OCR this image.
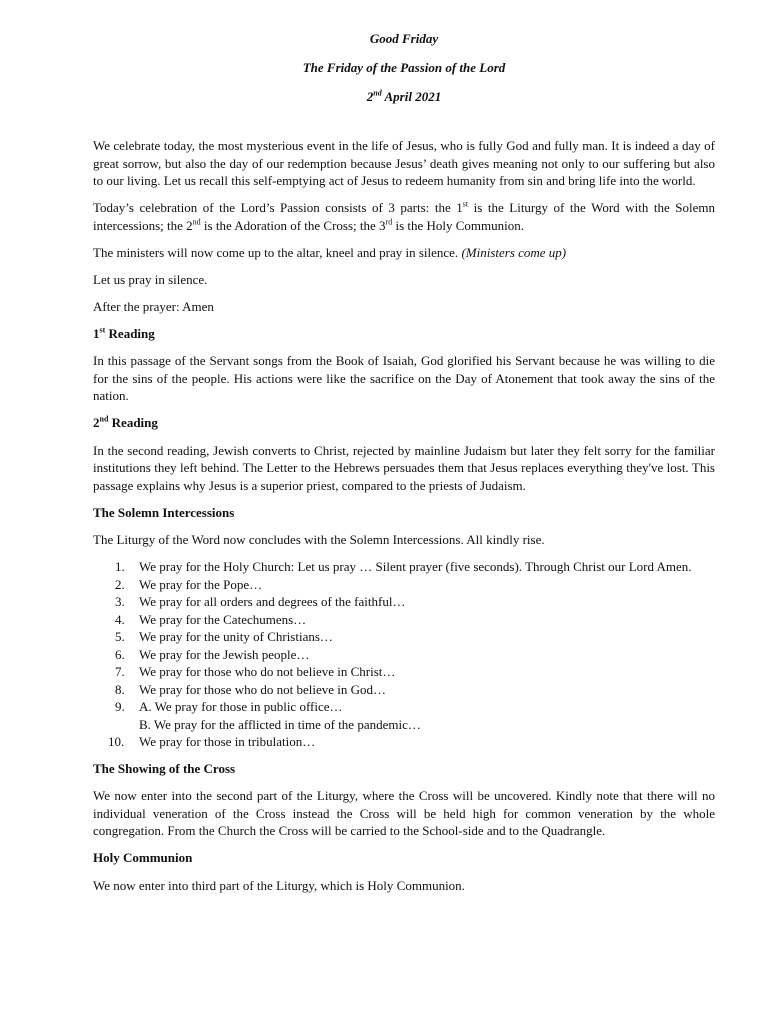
Good Friday

The Friday of the Passion of the Lord

2nd April 2021

We celebrate today, the most mysterious event in the life of Jesus, who is fully God and fully man. It is indeed a day of great sorrow, but also the day of our redemption because Jesus’ death gives meaning not only to our suffering but also to our living. Let us recall this self-emptying act of Jesus to redeem humanity from sin and bring life into the world.

Today’s celebration of the Lord’s Passion consists of 3 parts: the 1st is the Liturgy of the Word with the Solemn intercessions; the 2nd is the Adoration of the Cross; the 3rd is the Holy Communion.

The ministers will now come up to the altar, kneel and pray in silence. (Ministers come up)

Let us pray in silence.

After the prayer: Amen

1st Reading

In this passage of the Servant songs from the Book of Isaiah, God glorified his Servant because he was willing to die for the sins of the people. His actions were like the sacrifice on the Day of Atonement that took away the sins of the nation.

2nd Reading

In the second reading, Jewish converts to Christ, rejected by mainline Judaism but later they felt sorry for the familiar institutions they left behind. The Letter to the Hebrews persuades them that Jesus replaces everything they've lost. This passage explains why Jesus is a superior priest, compared to the priests of Judaism.

The Solemn Intercessions

The Liturgy of the Word now concludes with the Solemn Intercessions. All kindly rise.

1. We pray for the Holy Church: Let us pray … Silent prayer (five seconds). Through Christ our Lord Amen.
2. We pray for the Pope…
3. We pray for all orders and degrees of the faithful…
4. We pray for the Catechumens…
5. We pray for the unity of Christians…
6. We pray for the Jewish people…
7. We pray for those who do not believe in Christ…
8. We pray for those who do not believe in God…
9. A. We pray for those in public office…
B. We pray for the afflicted in time of the pandemic…
10. We pray for those in tribulation…

The Showing of the Cross

We now enter into the second part of the Liturgy, where the Cross will be uncovered. Kindly note that there will no individual veneration of the Cross instead the Cross will be held high for common veneration by the whole congregation. From the Church the Cross will be carried to the School-side and to the Quadrangle.

Holy Communion

We now enter into third part of the Liturgy, which is Holy Communion.
